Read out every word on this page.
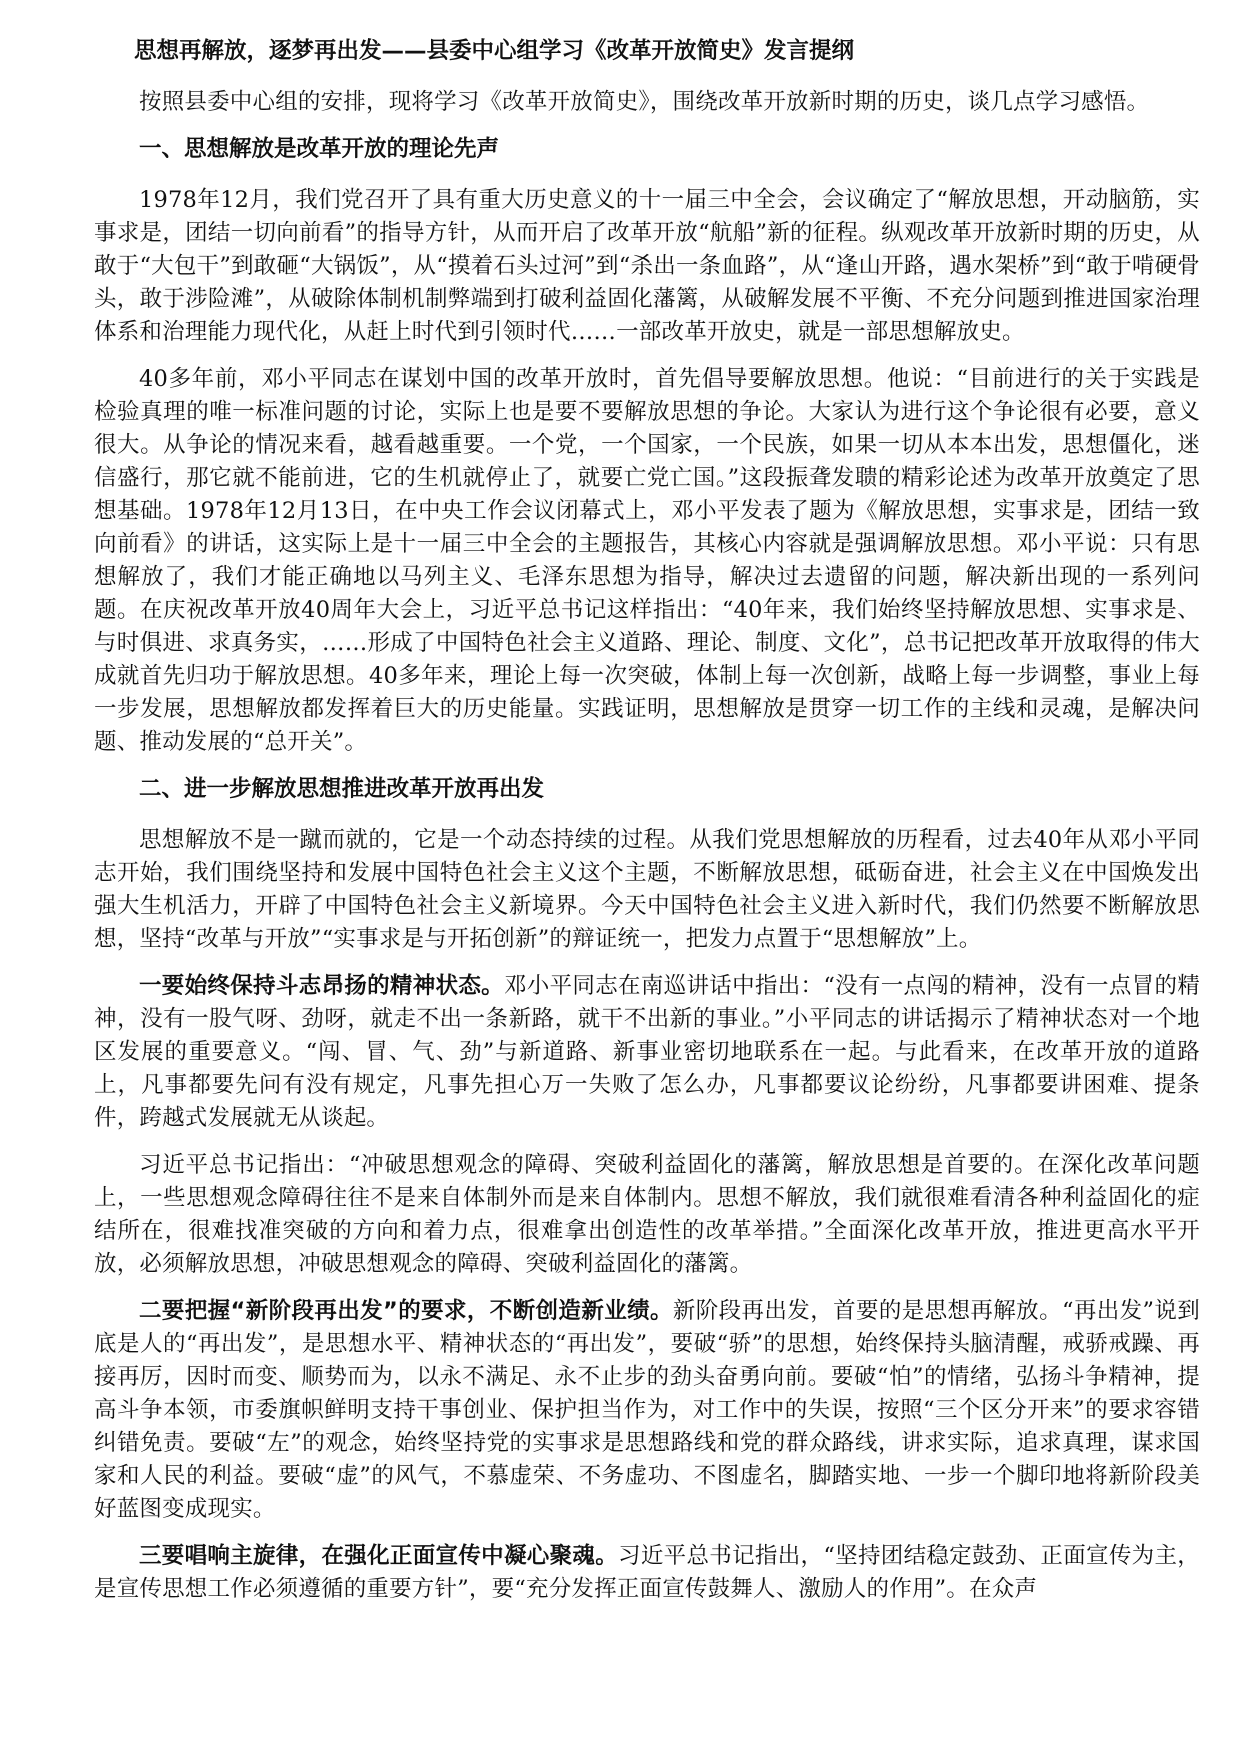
思想再解放，逐梦再出发——县委中心组学习《改革开放简史》发言提纲

按照县委中心组的安排，现将学习《改革开放简史》，围绕改革开放新时期的历史，谈几点学习感悟。

一、思想解放是改革开放的理论先声

1978年12月，我们党召开了具有重大历史意义的十一届三中全会，会议确定了“解放思想，开动脑筋，实事求是，团结一切向前看”的指导方针，从而开启了改革开放“航船”新的征程。纵观改革开放新时期的历史，从敢于“大包干”到敢砸“大锅饭”，从“摸着石头过河”到“杀出一条血路”，从“逢山开路，遇水架桥”到“敢于啃硬骨头，敢于涉险滩”，从破除体制机制弊端到打破利益固化藩篱，从破解发展不平衡、不充分问题到推进国家治理体系和治理能力现代化，从赶上时代到引领时代……一部改革开放史，就是一部思想解放史。

40多年前，邓小平同志在谋划中国的改革开放时，首先倡导要解放思想。他说：“目前进行的关于实践是检验真理的唯一标准问题的讨论，实际上也是要不要解放思想的争论。大家认为进行这个争论很有必要，意义很大。从争论的情况来看，越看越重要。一个党，一个国家，一个民族，如果一切从本本出发，思想僵化，迷信盛行，那它就不能前进，它的生机就停止了，就要亡党亡国。”这段振聋发聩的精彩论述为改革开放奠定了思想基础。1978年12月13日，在中央工作会议闭幕式上，邓小平发表了题为《解放思想，实事求是，团结一致向前看》的讲话，这实际上是十一届三中全会的主题报告，其核心内容就是强调解放思想。邓小平说：只有思想解放了，我们才能正确地以马列主义、毛泽东思想为指导，解决过去遗留的问题，解决新出现的一系列问题。在庆祝改革开放40周年大会上，习近平总书记这样指出：“40年来，我们始终坚持解放思想、实事求是、与时俱进、求真务实，……形成了中国特色社会主义道路、理论、制度、文化”，总书记把改革开放取得的伟大成就首先归功于解放思想。40多年来，理论上每一次突破，体制上每一次创新，战略上每一步调整，事业上每一步发展，思想解放都发挥着巨大的历史能量。实践证明，思想解放是贯穿一切工作的主线和灵魂，是解决问题、推动发展的“总开关”。

二、进一步解放思想推进改革开放再出发

思想解放不是一蹴而就的，它是一个动态持续的过程。从我们党思想解放的历程看，过去40年从邓小平同志开始，我们围绕坚持和发展中国特色社会主义这个主题，不断解放思想，砥砺奋进，社会主义在中国焕发出强大生机活力，开辟了中国特色社会主义新境界。今天中国特色社会主义进入新时代，我们仍然要不断解放思想，坚持“改革与开放”“实事求是与开拓创新”的辩证统一，把发力点置于“思想解放”上。

一要始终保持斗志昂扬的精神状态。邓小平同志在南巡讲话中指出：“没有一点闯的精神，没有一点冒的精神，没有一股气呀、劲呀，就走不出一条新路，就干不出新的事业。”小平同志的讲话揭示了精神状态对一个地区发展的重要意义。“闯、冒、气、劲”与新道路、新事业密切地联系在一起。与此看来，在改革开放的道路上，凡事都要先问有没有规定，凡事先担心万一失败了怎么办，凡事都要议论纷纷，凡事都要讲困难、提条件，跨越式发展就无从谈起。

习近平总书记指出：“冲破思想观念的障碍、突破利益固化的藩篱，解放思想是首要的。在深化改革问题上，一些思想观念障碍往往不是来自体制外而是来自体制内。思想不解放，我们就很难看清各种利益固化的症结所在，很难找准突破的方向和着力点，很难拿出创造性的改革举措。”全面深化改革开放，推进更高水平开放，必须解放思想，冲破思想观念的障碍、突破利益固化的藩篱。

二要把握“新阶段再出发”的要求，不断创造新业绩。新阶段再出发，首要的是思想再解放。“再出发”说到底是人的“再出发”，是思想水平、精神状态的“再出发”，要破“骄”的思想，始终保持头脑清醒，戒骄戒躁、再接再厉，因时而变、顺势而为，以永不满足、永不止步的劲头奋勇向前。要破“怕”的情绪，弘扬斗争精神，提高斗争本领，市委旗帜鲜明支持干事创业、保护担当作为，对工作中的失误，按照“三个区分开来”的要求容错纠错免责。要破“左”的观念，始终坚持党的实事求是思想路线和党的群众路线，讲求实际，追求真理，谋求国家和人民的利益。要破“虚”的风气，不慕虚荣、不务虚功、不图虚名，脚踏实地、一步一个脚印地将新阶段美好蓝图变成现实。

三要唱响主旋律，在强化正面宣传中凝心聚魂。习近平总书记指出，“坚持团结稳定鼓劲、正面宣传为主，是宣传思想工作必须遵循的重要方针”，要“充分发挥正面宣传鼓舞人、激励人的作用”。在众声
